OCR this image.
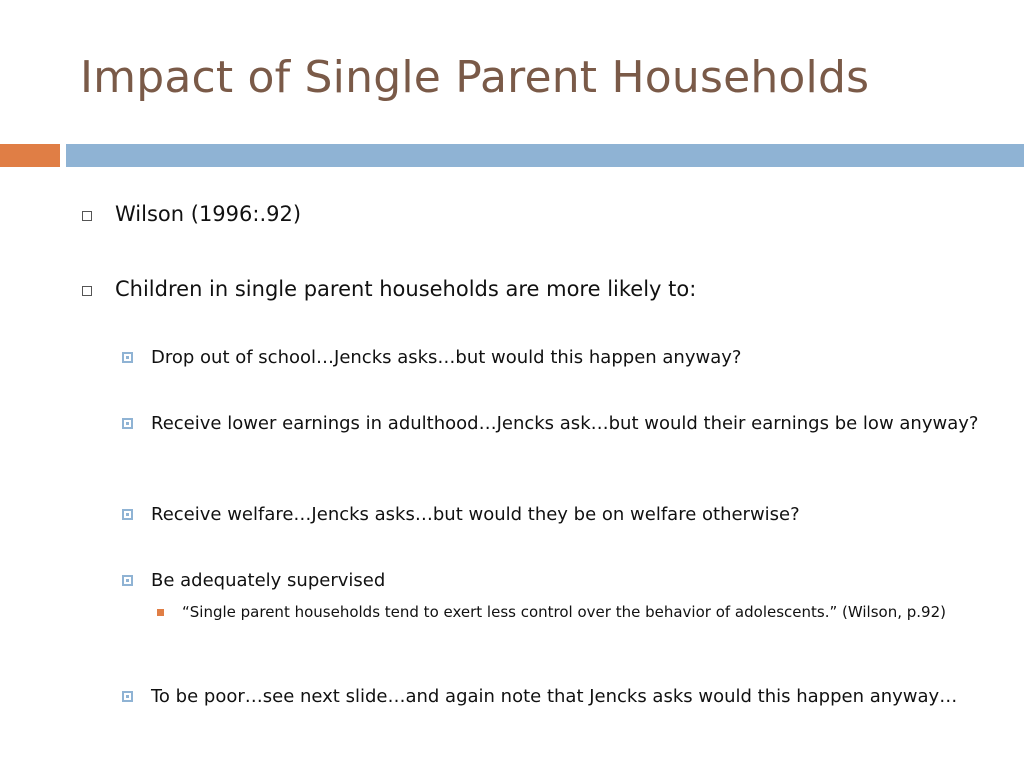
Impact of Single Parent Households
Wilson (1996:.92)
Children in single parent households are more likely to:
Drop out of school…Jencks asks…but would this happen anyway?
Receive lower earnings in adulthood…Jencks ask…but would their earnings be low anyway?
Receive welfare…Jencks asks…but would they be on welfare otherwise?
Be adequately supervised
“Single parent households tend to exert less control over the behavior of adolescents.” (Wilson, p.92)
To be poor…see next slide…and again note that Jencks asks would this happen anyway…
